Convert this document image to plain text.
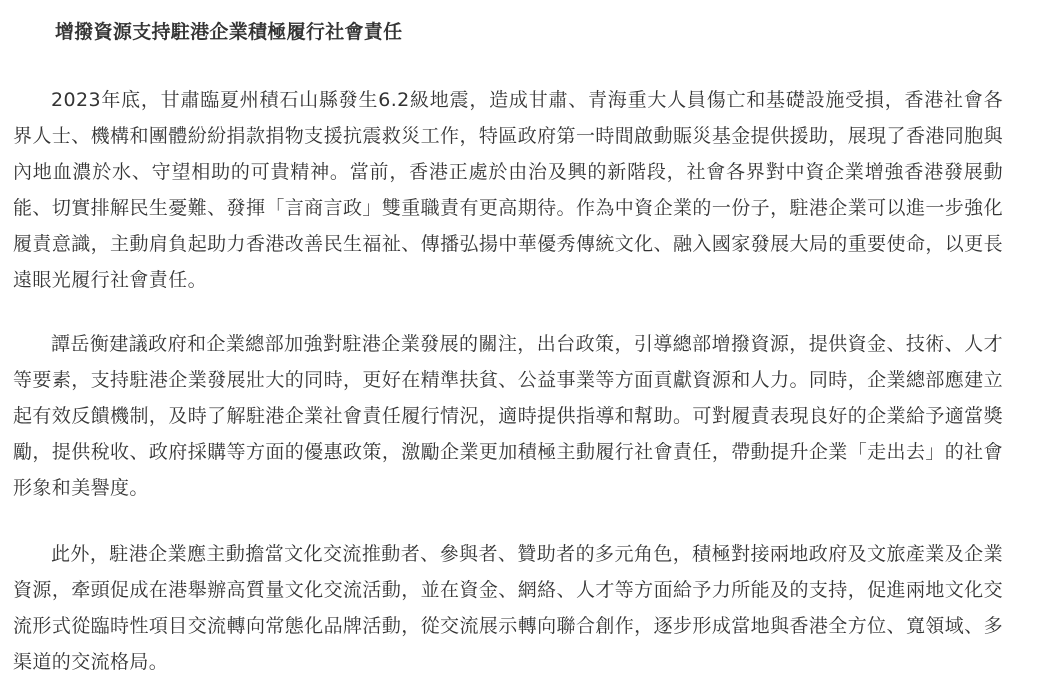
增撥資源支持駐港企業積極履行社會責任

2023年底，甘肅臨夏州積石山縣發生6.2級地震，造成甘肅、青海重大人員傷亡和基礎設施受損，香港社會各界人士、機構和團體紛紛捐款捐物支援抗震救災工作，特區政府第一時間啟動賑災基金提供援助，展現了香港同胞與內地血濃於水、守望相助的可貴精神。當前，香港正處於由治及興的新階段，社會各界對中資企業增強香港發展動能、切實排解民生憂難、發揮「言商言政」雙重職責有更高期待。作為中資企業的一份子，駐港企業可以進一步強化履責意識，主動肩負起助力香港改善民生福祉、傳播弘揚中華優秀傳統文化、融入國家發展大局的重要使命，以更長遠眼光履行社會責任。

譚岳衡建議政府和企業總部加強對駐港企業發展的關注，出台政策，引導總部增撥資源，提供資金、技術、人才等要素，支持駐港企業發展壯大的同時，更好在精準扶貧、公益事業等方面貢獻資源和人力。同時，企業總部應建立起有效反饋機制，及時了解駐港企業社會責任履行情況，適時提供指導和幫助。可對履責表現良好的企業給予適當獎勵，提供稅收、政府採購等方面的優惠政策，激勵企業更加積極主動履行社會責任，帶動提升企業「走出去」的社會形象和美譽度。

此外，駐港企業應主動擔當文化交流推動者、參與者、贊助者的多元角色，積極對接兩地政府及文旅產業及企業資源，牽頭促成在港舉辦高質量文化交流活動，並在資金、網絡、人才等方面給予力所能及的支持，促進兩地文化交流形式從臨時性項目交流轉向常態化品牌活動，從交流展示轉向聯合創作，逐步形成當地與香港全方位、寬領域、多渠道的交流格局。
